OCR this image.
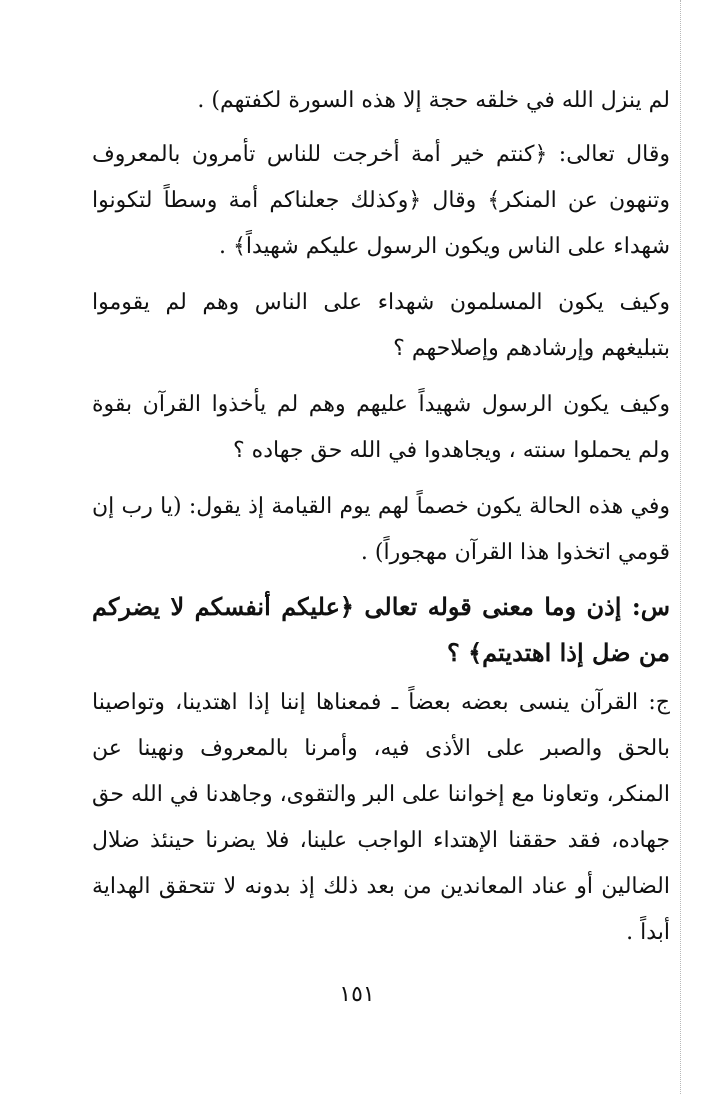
لم ينزل الله في خلقه حجة إلا هذه السورة لكفتهم) .

وقال تعالى: ﴿كنتم خير أمة أخرجت للناس تأمرون بالمعروف وتنهون عن المنكر﴾ وقال ﴿وكذلك جعلناكم أمة وسطاً لتكونوا شهداء على الناس ويكون الرسول عليكم شهيداً﴾ .

وكيف يكون المسلمون شهداء على الناس وهم لم يقوموا بتبليغهم وإرشادهم وإصلاحهم ؟

وكيف يكون الرسول شهيداً عليهم وهم لم يأخذوا القرآن بقوة ولم يحملوا سنته ، ويجاهدوا في الله حق جهاده ؟

وفي هذه الحالة يكون خصماً لهم يوم القيامة إذ يقول: (يا رب إن قومي اتخذوا هذا القرآن مهجوراً) .

س: إذن وما معنى قوله تعالى ﴿عليكم أنفسكم لا يضركم من ضل إذا اهتديتم﴾ ؟

ج: القرآن ينسى بعضه بعضاً ـ فمعناها إننا إذا اهتدينا، وتواصينا بالحق والصبر على الأذى فيه، وأمرنا بالمعروف ونهينا عن المنكر، وتعاونا مع إخواننا على البر والتقوى، وجاهدنا في الله حق جهاده، فقد حققنا الإهتداء الواجب علينا، فلا يضرنا حينئذ ضلال الضالين أو عناد المعاندين من بعد ذلك إذ بدونه لا تتحقق الهداية أبداً .

١٥١
